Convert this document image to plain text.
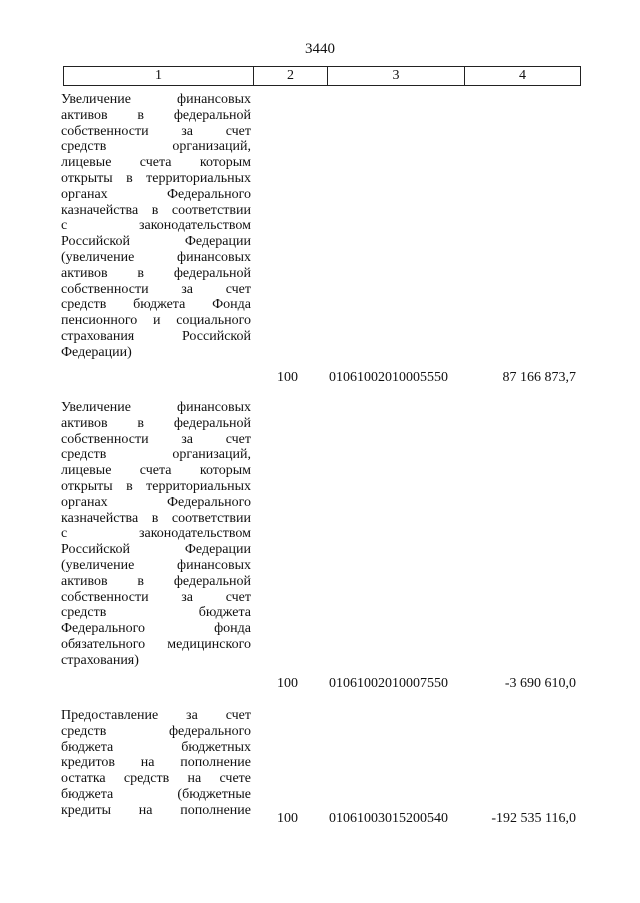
3440
1	2	3	4
Увеличение финансовых
активов в федеральной
собственности за счет
средств организаций,
лицевые счета которым
открыты в территориальных
органах Федерального
казначейства в соответствии
с законодательством
Российской Федерации
(увеличение финансовых
активов в федеральной
собственности за счет
средств бюджета Фонда
пенсионного и социального
страхования Российской
Федерации)
100 01061002010005550	87 166 873,7
Увеличение финансовых
активов в федеральной
собственности за счет
средств организаций,
лицевые счета которым
открыты в территориальных
органах Федерального
казначейства в соответствии
с законодательством
Российской Федерации
(увеличение финансовых
активов в федеральной
собственности за счет
средств бюджета
Федерального фонда
обязательного медицинского
страхования)
100 01061002010007550	-3 690 610,0
Предоставление за счет
средств федерального
бюджета бюджетных
кредитов на пополнение
остатка средств на счете
бюджета (бюджетные
кредиты на пополнение
100 01061003015200540	-192 535 116,0
